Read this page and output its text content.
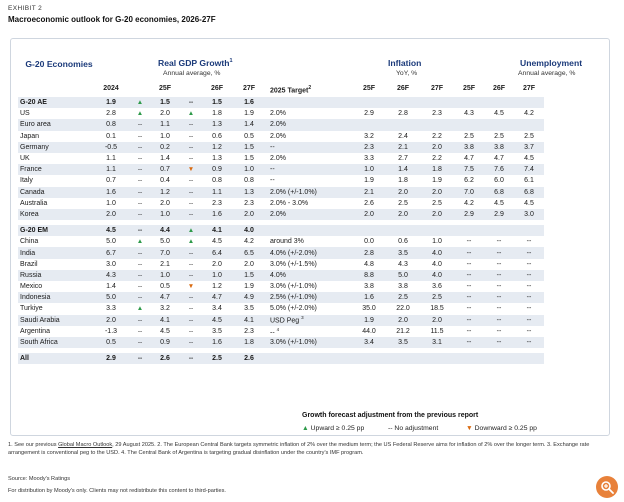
EXHIBIT 2
Macroeconomic outlook for G-20 economies, 2026-27F
G-20 Economies	Real GDP Growth$^1$
Annual average, %
Inflation
YoY, %
Unemployment
Annual average, %
2024	25F	26F	27F	2025 Target$^2$	25F	26F	27F	25F	26F	27F
G-20 AE	1.9	▲	1.5	--	1.5	1.6							
US	2.8	▲	2.0	▲	1.8	1.9	2.0%	2.9	2.8	2.3	4.3	4.5	4.2
Euro area	0.8	--	1.1	--	1.3	1.4	2.0%						
Japan	0.1	--	1.0	--	0.6	0.5	2.0%	3.2	2.4	2.2	2.5	2.5	2.5
Germany	-0.5	--	0.2	--	1.2	1.5	--	2.3	2.1	2.0	3.8	3.8	3.7
UK	1.1	--	1.4	--	1.3	1.5	2.0%	3.3	2.7	2.2	4.7	4.7	4.5
France	1.1	--	0.7	▼	0.9	1.0	--	1.0	1.4	1.8	7.5	7.6	7.4
Italy	0.7	--	0.4	--	0.8	0.8	--	1.9	1.8	1.9	6.2	6.0	6.1
Canada	1.6	--	1.2	--	1.1	1.3	2.0% (+/-1.0%)	2.1	2.0	2.0	7.0	6.8	6.8
Australia	1.0	--	2.0	--	2.3	2.3	2.0% - 3.0%	2.6	2.5	2.5	4.2	4.5	4.5
Korea	2.0	--	1.0	--	1.6	2.0	2.0%	2.0	2.0	2.0	2.9	2.9	3.0

G-20 EM	4.5	--	4.4	▲	4.1	4.0							
China	5.0	▲	5.0	▲	4.5	4.2	around 3%	0.0	0.6	1.0	--	--	--
India	6.7	--	7.0	--	6.4	6.5	4.0% (+/-2.0%)	2.8	3.5	4.0	--	--	--
Brazil	3.0	--	2.1	--	2.0	2.0	3.0% (+/-1.5%)	4.8	4.3	4.0	--	--	--
Russia	4.3	--	1.0	--	1.0	1.5	4.0%	8.8	5.0	4.0	--	--	--
Mexico	1.4	--	0.5	▼	1.2	1.9	3.0% (+/-1.0%)	3.8	3.8	3.6	--	--	--
Indonesia	5.0	--	4.7	--	4.7	4.9	2.5% (+/-1.0%)	1.6	2.5	2.5	--	--	--
Turkiye	3.3	▲	3.2	--	3.4	3.5	5.0% (+/-2.0%)	35.0	22.0	18.5	--	--	--
Saudi Arabia	2.0	--	4.1	--	4.5	4.1	USD Peg $^3$	1.9	2.0	2.0	--	--	--
Argentina	-1.3	--	4.5	--	3.5	2.3	-- $^4$	44.0	21.2	11.5	--	--	--
South Africa	0.5	--	0.9	--	1.6	1.8	3.0% (+/-1.0%)	3.4	3.5	3.1	--	--	--

All	2.9	--	2.6	--	2.5	2.6							
Growth forecast adjustment from the previous report
▲ Upward ≥ 0.25 pp	-- No adjustment	▼ Downward ≥ 0.25 pp
1. See our previous Global Macro Outlook, 29 August 2025. 2. The European Central Bank targets symmetric inflation of 2% over the medium term; the US Federal Reserve aims for inflation of 2% over the longer term. 3. Exchange rate arrangement is conventional peg to the USD. 4. The Central Bank of Argentina is targeting gradual disinflation under the country's IMF program.
Source: Moody's Ratings
For distribution by Moody's only. Clients may not redistribute this content to third-parties.
